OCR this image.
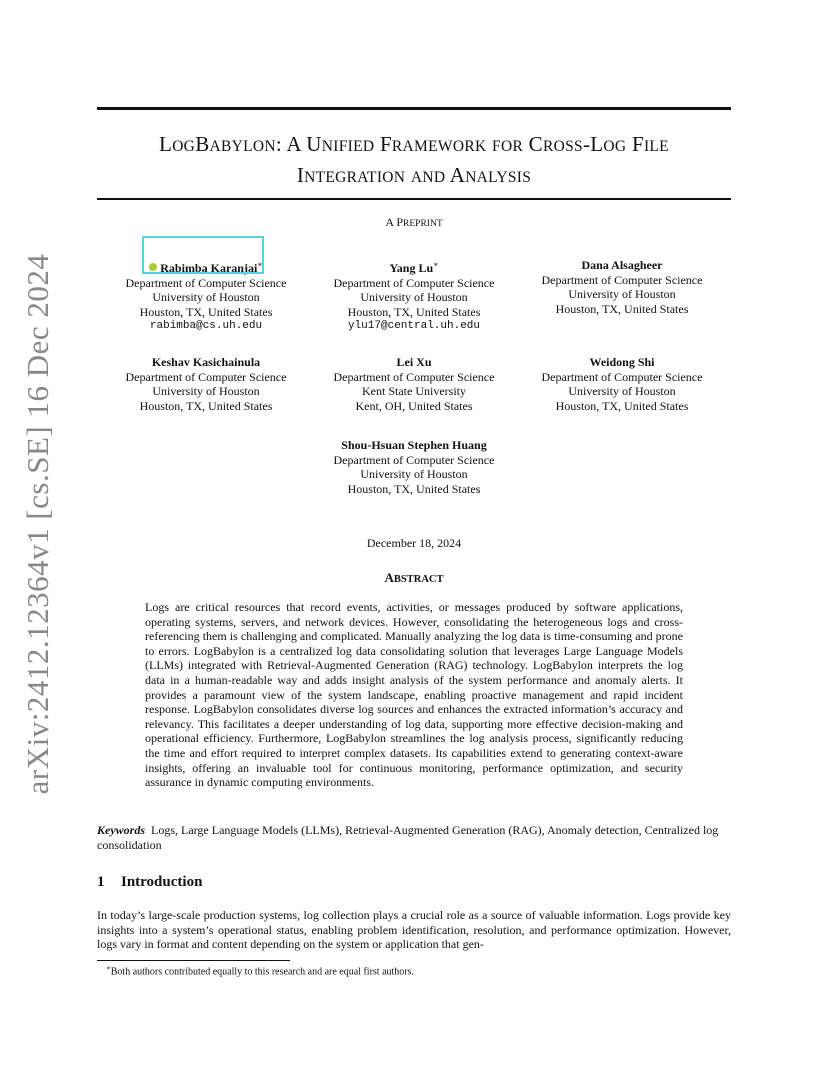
arXiv:2412.12364v1 [cs.SE] 16 Dec 2024
LOGBABYLON: A UNIFIED FRAMEWORK FOR CROSS-LOG FILE
INTEGRATION AND ANALYSIS
A PREPRINT
Rabimba Karanjai∗
Department of Computer Science
University of Houston
Houston, TX, United States
rabimba@cs.uh.edu
Yang Lu∗
Department of Computer Science
University of Houston
Houston, TX, United States
ylu17@central.uh.edu
Dana Alsagheer
Department of Computer Science
University of Houston
Houston, TX, United States
Keshav Kasichainula
Department of Computer Science
University of Houston
Houston, TX, United States
Lei Xu
Department of Computer Science
Kent State University
Kent, OH, United States
Weidong Shi
Department of Computer Science
University of Houston
Houston, TX, United States
Shou-Hsuan Stephen Huang
Department of Computer Science
University of Houston
Houston, TX, United States
December 18, 2024
ABSTRACT

Logs are critical resources that record events, activities, or messages produced by software applications, operating systems, servers, and network devices. However, consolidating the heterogeneous logs and cross-referencing them is challenging and complicated. Manually analyzing the log data is time-consuming and prone to errors. LogBabylon is a centralized log data consolidating solution that leverages Large Language Models (LLMs) integrated with Retrieval-Augmented Generation (RAG) technology. LogBabylon interprets the log data in a human-readable way and adds insight analysis of the system performance and anomaly alerts. It provides a paramount view of the system landscape, enabling proactive management and rapid incident response. LogBabylon consolidates diverse log sources and enhances the extracted information’s accuracy and relevancy. This facilitates a deeper understanding of log data, supporting more effective decision-making and operational efficiency. Furthermore, LogBabylon streamlines the log analysis process, significantly reducing the time and effort required to interpret complex datasets. Its capabilities extend to generating context-aware insights, offering an invaluable tool for continuous monitoring, performance optimization, and security assurance in dynamic computing environments.

Keywords Logs, Large Language Models (LLMs), Retrieval-Augmented Generation (RAG), Anomaly detection, Centralized log consolidation

1 Introduction

In today’s large-scale production systems, log collection plays a crucial role as a source of valuable information. Logs provide key insights into a system’s operational status, enabling problem identification, resolution, and performance optimization. However, logs vary in format and content depending on the system or application that gen-

∗Both authors contributed equally to this research and are equal first authors.
